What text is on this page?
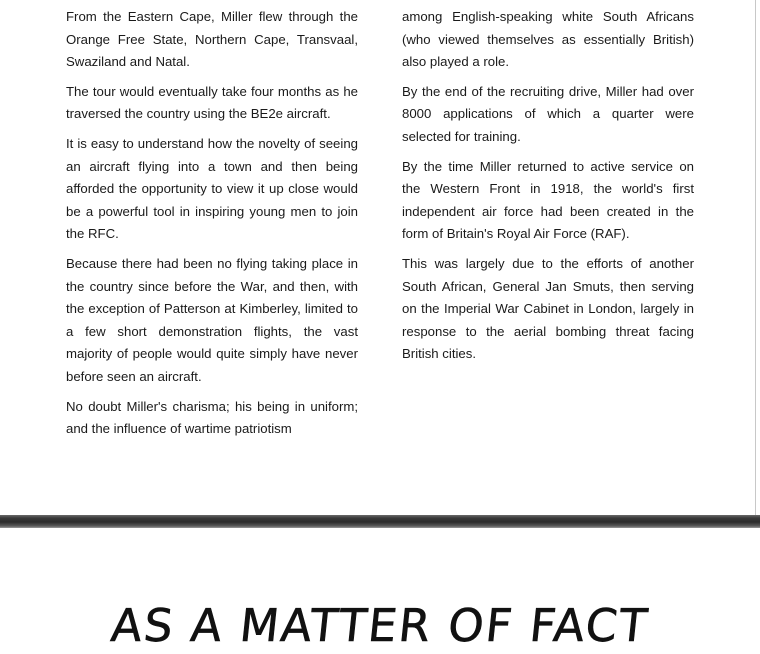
From the Eastern Cape, Miller flew through the Orange Free State, Northern Cape, Transvaal, Swaziland and Natal.

The tour would eventually take four months as he traversed the country using the BE2e aircraft.

It is easy to understand how the novelty of seeing an aircraft flying into a town and then being afforded the opportunity to view it up close would be a powerful tool in inspiring young men to join the RFC.

Because there had been no flying taking place in the country since before the War, and then, with the exception of Patterson at Kimberley, limited to a few short demonstration flights, the vast majority of people would quite simply have never before seen an aircraft.

No doubt Miller's charisma; his being in uniform; and the influence of wartime patriotism

among English-speaking white South Africans (who viewed themselves as essentially British) also played a role.

By the end of the recruiting drive, Miller had over 8000 applications of which a quarter were selected for training.

By the time Miller returned to active service on the Western Front in 1918, the world's first independent air force had been created in the form of Britain's Royal Air Force (RAF).

This was largely due to the efforts of another South African, General Jan Smuts, then serving on the Imperial War Cabinet in London, largely in response to the aerial bombing threat facing British cities.

AS A MATTER OF FACT
